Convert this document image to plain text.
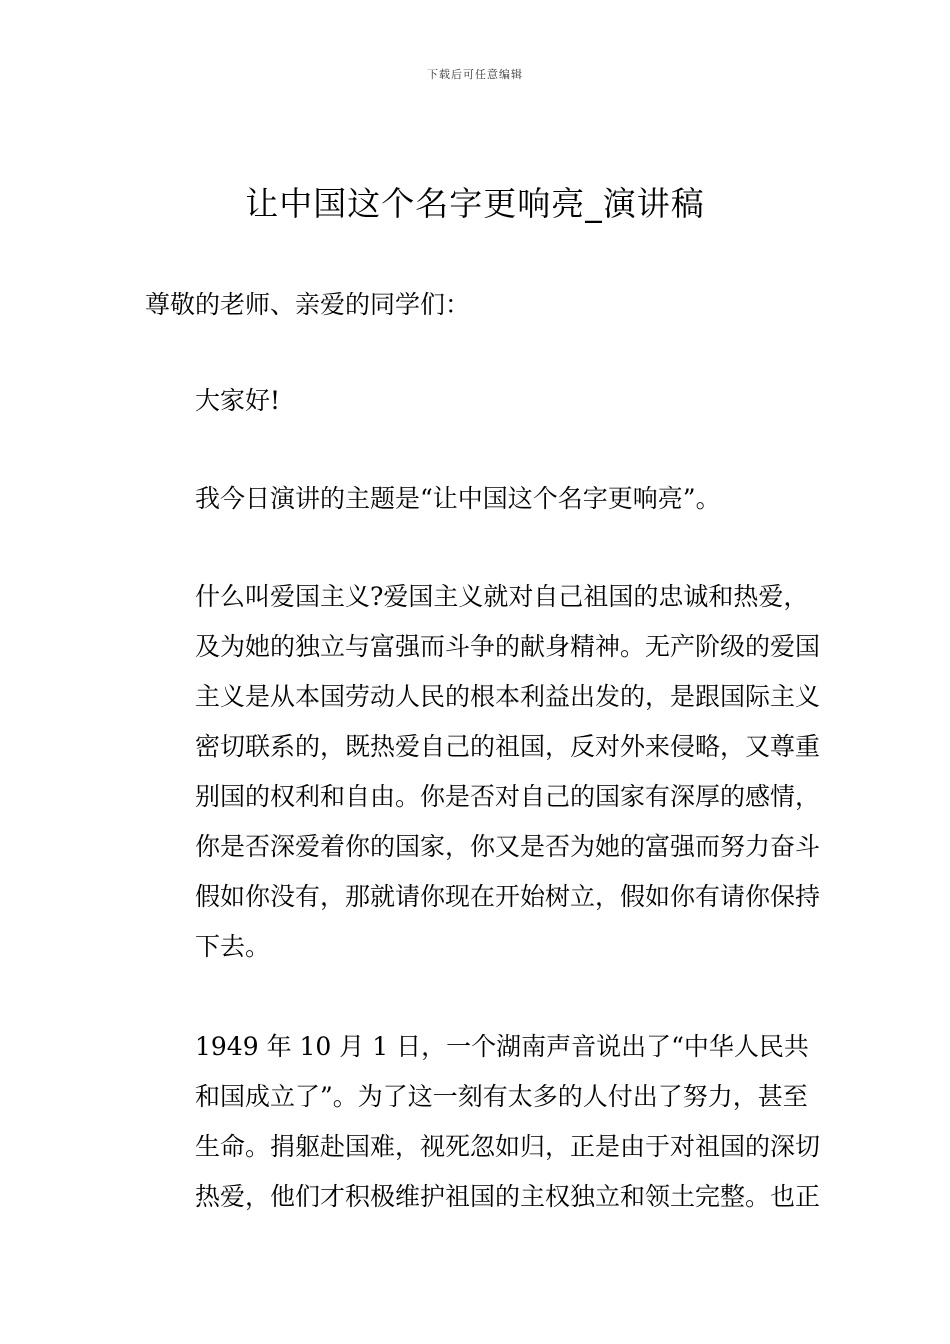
下载后可任意编辑
让中国这个名字更响亮_演讲稿

尊敬的老师、亲爱的同学们：

大家好!

我今日演讲的主题是“让中国这个名字更响亮”。

什么叫爱国主义?爱国主义就对自己祖国的忠诚和热爱，
及为她的独立与富强而斗争的献身精神。无产阶级的爱国
主义是从本国劳动人民的根本利益出发的，是跟国际主义
密切联系的，既热爱自己的祖国，反对外来侵略，又尊重
别国的权利和自由。你是否对自己的国家有深厚的感情，
你是否深爱着你的国家，你又是否为她的富强而努力奋斗
假如你没有，那就请你现在开始树立，假如你有请你保持
下去。

1949 年 10 月 1 日，一个湖南声音说出了“中华人民共
和国成立了”。为了这一刻有太多的人付出了努力，甚至
生命。捐躯赴国难，视死忽如归，正是由于对祖国的深切
热爱，他们才积极维护祖国的主权独立和领土完整。也正
